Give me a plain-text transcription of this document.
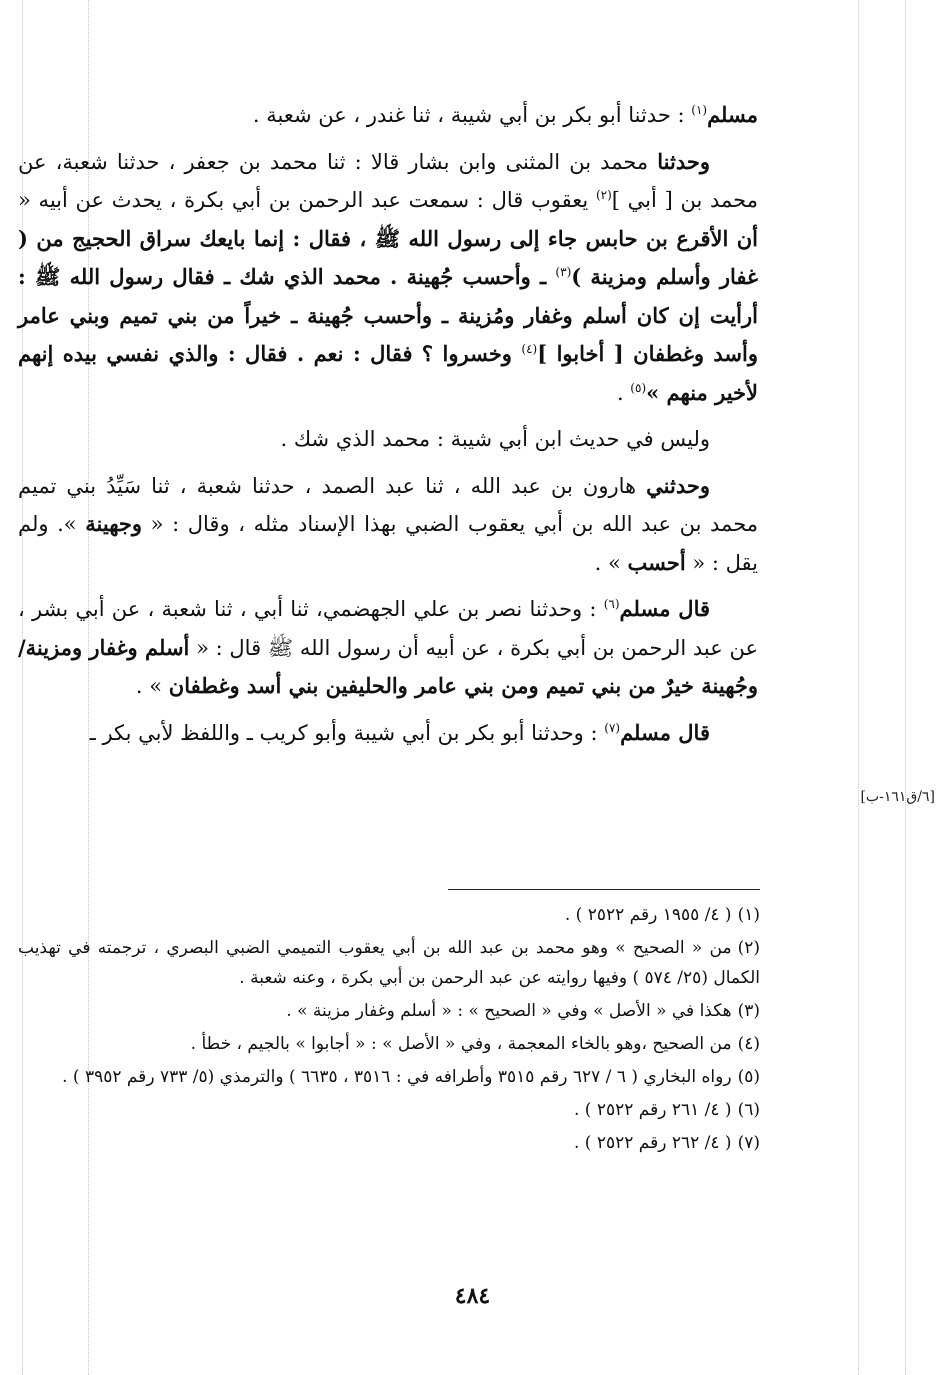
مسلم$^{(١)}$ : حدثنا أبو بكر بن أبي شيبة ، ثنا غندر ، عن شعبة .

وحدثنا محمد بن المثنى وابن بشار قالا : ثنا محمد بن جعفر ، حدثنا شعبة، عن محمد بن [ أبي ]$^{(٢)}$ يعقوب قال : سمعت عبد الرحمن بن أبي بكرة ، يحدث عن أبيه « أن الأقرع بن حابس جاء إلى رسول الله ﷺ ، فقال : إنما بايعك سراق الحجيج من ( غفار وأسلم ومزينة )$^{(٣)}$ ـ وأحسب جُهينة . محمد الذي شك ـ فقال رسول الله ﷺ : أرأيت إن كان أسلم وغفار ومُزينة ـ وأحسب جُهينة ـ خيراً من بني تميم وبني عامر وأسد وغطفان [ أخابوا ]$^{(٤)}$ وخسروا ؟ فقال : نعم . فقال : والذي نفسي بيده إنهم لأخير منهم »$^{(٥)}$ .

وليس في حديث ابن أبي شيبة : محمد الذي شك .

وحدثني هارون بن عبد الله ، ثنا عبد الصمد ، حدثنا شعبة ، ثنا سَيِّدُ بني تميم محمد بن عبد الله بن أبي يعقوب الضبي بهذا الإسناد مثله ، وقال : « وجهينة ». ولم يقل : « أحسب » .

قال مسلم$^{(٦)}$ : وحدثنا نصر بن علي الجهضمي، ثنا أبي ، ثنا شعبة ، عن أبي بشر ، عن عبد الرحمن بن أبي بكرة ، عن أبيه أن رسول الله ﷺ قال : « أسلم وغفار ومزينة/ وجُهينة خيرٌ من بني تميم ومن بني عامر والحليفين بني أسد وغطفان » .

قال مسلم$^{(٧)}$ : وحدثنا أبو بكر بن أبي شيبة وأبو كريب ـ واللفظ لأبي بكر ـ

[٦/ق١٦١-ب]
(١)( ٤/ ١٩٥٥ رقم ٢٥٢٢ ) .
(٢)من « الصحيح » وهو محمد بن عبد الله بن أبي يعقوب التميمي الضبي البصري ، ترجمته في تهذيب الكمال (٢٥/ ٥٧٤ ) وفيها روايته عن عبد الرحمن بن أبي بكرة ، وعنه شعبة .
(٣)هكذا في « الأصل » وفي « الصحيح » : « أسلم وغفار مزينة » .
(٤)من الصحيح ،وهو بالخاء المعجمة ، وفي « الأصل » : « أجابوا » بالجيم ، خطأ .
(٥)رواه البخاري ( ٦ / ٦٢٧ رقم ٣٥١٥ وأطرافه في : ٣٥١٦ ، ٦٦٣٥ ) والترمذي (٥/ ٧٣٣ رقم ٣٩٥٢ ) .
(٦)( ٤/ ٢٦١ رقم ٢٥٢٢ ) .
(٧)( ٤/ ٢٦٢ رقم ٢٥٢٢ ) .
٤٨٤
